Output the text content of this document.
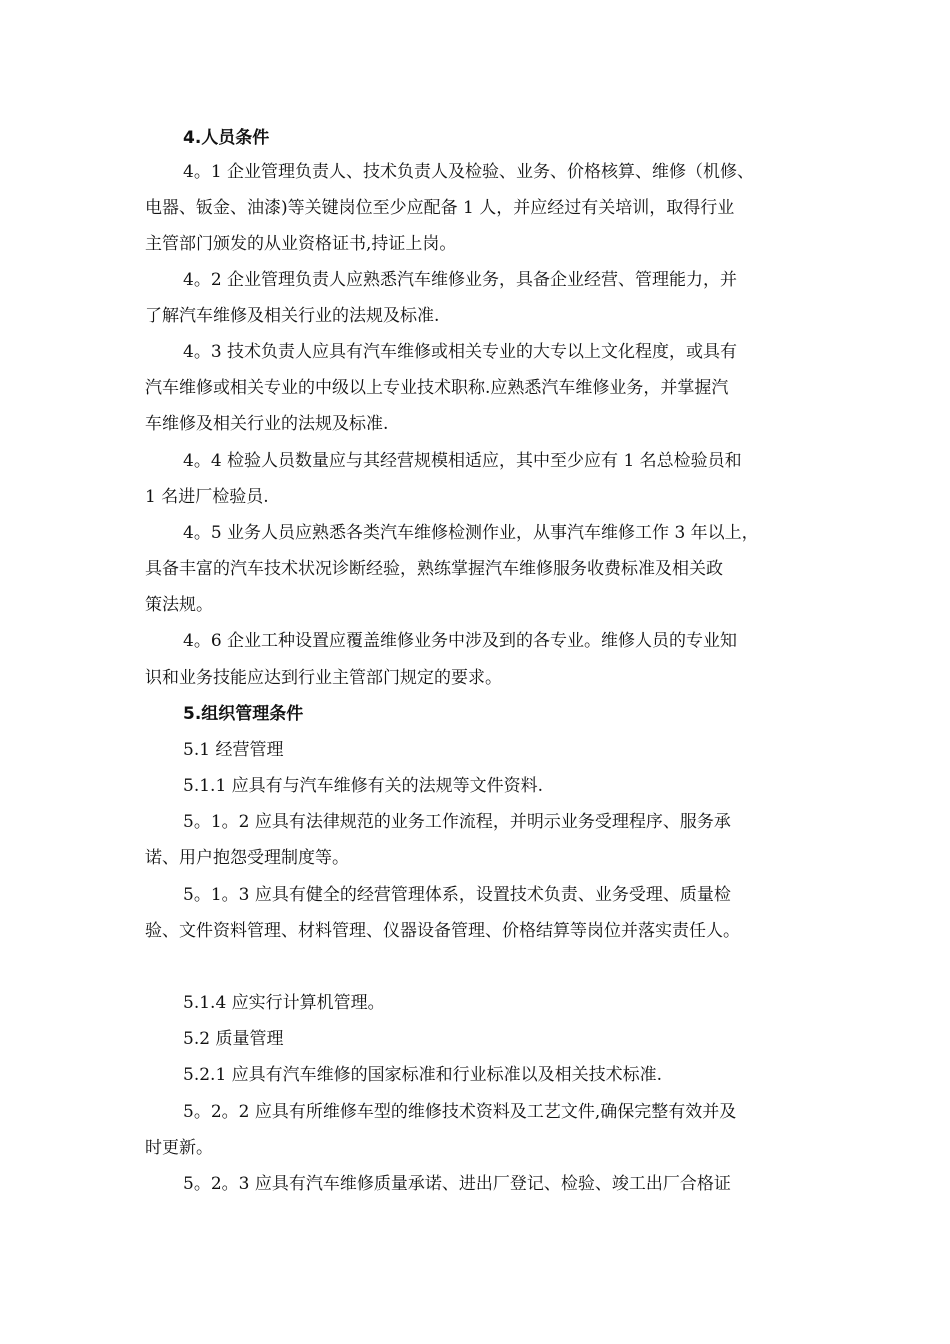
4.人员条件
4。1 企业管理负责人、技术负责人及检验、业务、价格核算、维修（机修、
电器、钣金、油漆)等关键岗位至少应配备 1 人，并应经过有关培训，取得行业
主管部门颁发的从业资格证书,持证上岗。
4。2 企业管理负责人应熟悉汽车维修业务，具备企业经营、管理能力，并
了解汽车维修及相关行业的法规及标准.
4。3 技术负责人应具有汽车维修或相关专业的大专以上文化程度，或具有
汽车维修或相关专业的中级以上专业技术职称.应熟悉汽车维修业务，并掌握汽
车维修及相关行业的法规及标准.
4。4 检验人员数量应与其经营规模相适应，其中至少应有 1 名总检验员和
1 名进厂检验员.
4。5 业务人员应熟悉各类汽车维修检测作业，从事汽车维修工作 3 年以上，
具备丰富的汽车技术状况诊断经验，熟练掌握汽车维修服务收费标准及相关政
策法规。
4。6 企业工种设置应覆盖维修业务中涉及到的各专业。维修人员的专业知
识和业务技能应达到行业主管部门规定的要求。
5.组织管理条件
5.1 经营管理
5.1.1 应具有与汽车维修有关的法规等文件资料.
5。1。2 应具有法律规范的业务工作流程，并明示业务受理程序、服务承
诺、用户抱怨受理制度等。
5。1。3 应具有健全的经营管理体系，设置技术负责、业务受理、质量检
验、文件资料管理、材料管理、仪器设备管理、价格结算等岗位并落实责任人。
5.1.4 应实行计算机管理。
5.2 质量管理
5.2.1 应具有汽车维修的国家标准和行业标准以及相关技术标准.
5。2。2 应具有所维修车型的维修技术资料及工艺文件,确保完整有效并及
时更新。
5。2。3 应具有汽车维修质量承诺、进出厂登记、检验、竣工出厂合格证
